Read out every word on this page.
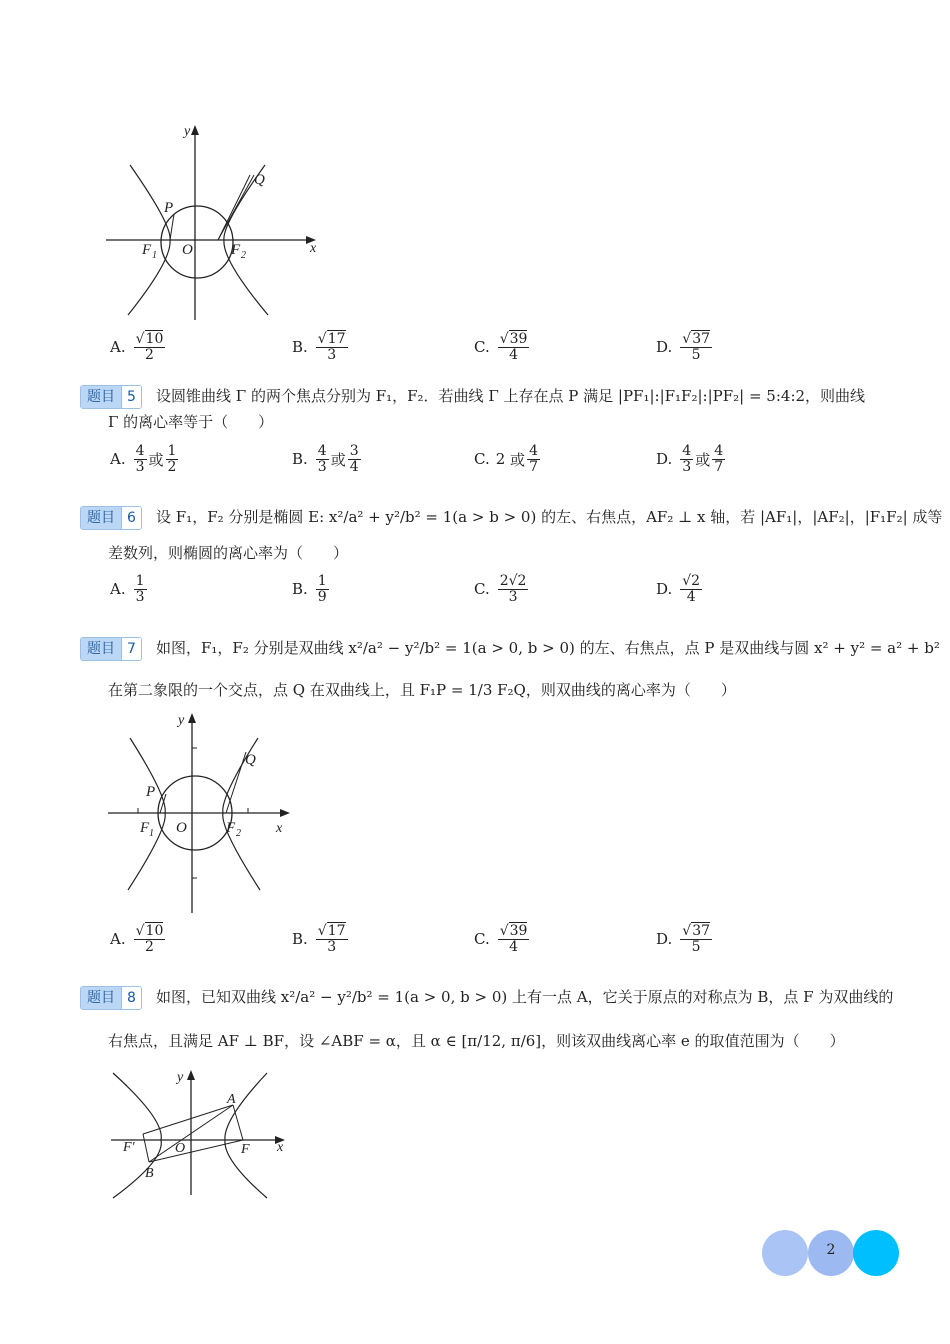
y
Q
P
F 1 O	F 2	x
A. $\frac{√10}{2}$	B. $\frac{√17}{3}$	C. $\frac{√39}{4}$	D. $\frac{√37}{5}$
题目 5	设圆锥曲线 Γ 的两个焦点分别为 F₁，F₂．若曲线 Γ 上存在点 P 满足 |PF₁|:|F₁F₂|:|PF₂| = 5:4:2，则曲线
Γ 的离心率等于（　　）
A. $\frac{4}{3}$ 或 $\frac{1}{2}$	B. $\frac{4}{3}$ 或 $\frac{3}{4}$	C. 2
或 $\frac{4}{7}$	D. $\frac{4}{3}$ 或 $\frac{4}{7}$
题目 6	设 F₁，F₂ 分别是椭圆 E: x²/a² + y²/b² = 1(a > b > 0) 的左、右焦点，AF₂ ⊥ x 轴，若 |AF₁|，|AF₂|，|F₁F₂| 成等
差数列，则椭圆的离心率为（　　）
A. $\frac{1}{3}$	B. $\frac{1}{9}$	C. $\frac{2√2}{3}$	D. $\frac{√2}{4}$
题目 7	如图，F₁，F₂ 分别是双曲线 x²/a² − y²/b² = 1(a > 0, b > 0) 的左、右焦点，点 P 是双曲线与圆 x² + y² = a² + b²
在第二象限的一个交点，点 Q 在双曲线上，且 F₁P = 1/3 F₂Q，则双曲线的离心率为（　　）
y
Q
P
F 1 O	F 2	x
A. $\frac{√10}{2}$	B. $\frac{√17}{3}$	C. $\frac{√39}{4}$	D. $\frac{√37}{5}$
题目 8	如图，已知双曲线 x²/a² − y²/b² = 1(a > 0, b > 0) 上有一点 A，它关于原点的对称点为 B，点 F 为双曲线的
右焦点，且满足 AF ⊥ BF，设 ∠ABF = α，且 α ∈ [π/12, π/6]，则该双曲线离心率 e 的取值范围为（　　）
y
A
F′	O	F x
B
2
